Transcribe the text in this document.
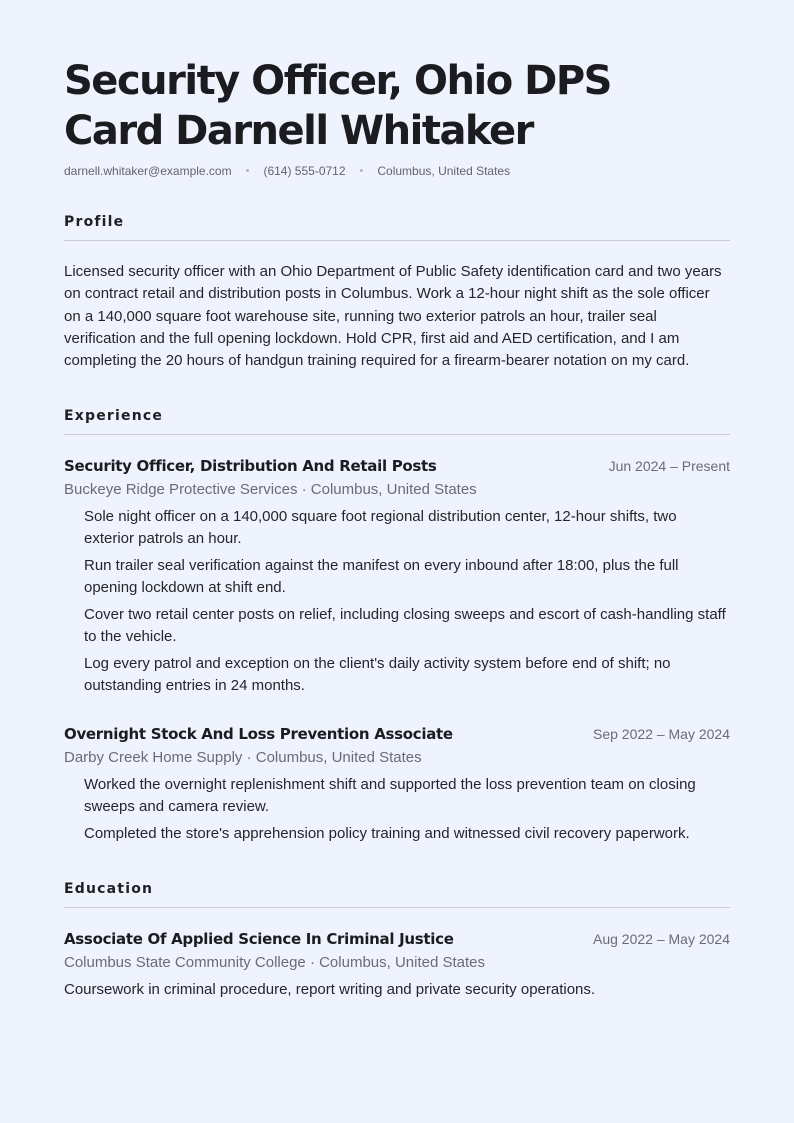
Security Officer, Ohio DPS Card Darnell Whitaker
darnell.whitaker@example.com • (614) 555-0712 • Columbus, United States
Profile
Licensed security officer with an Ohio Department of Public Safety identification card and two years on contract retail and distribution posts in Columbus. Work a 12-hour night shift as the sole officer on a 140,000 square foot warehouse site, running two exterior patrols an hour, trailer seal verification and the full opening lockdown. Hold CPR, first aid and AED certification, and I am completing the 20 hours of handgun training required for a firearm-bearer notation on my card.
Experience
Security Officer, Distribution And Retail Posts	Jun 2024 – Present
Buckeye Ridge Protective Services · Columbus, United States
Sole night officer on a 140,000 square foot regional distribution center, 12-hour shifts, two exterior patrols an hour.
Run trailer seal verification against the manifest on every inbound after 18:00, plus the full opening lockdown at shift end.
Cover two retail center posts on relief, including closing sweeps and escort of cash-handling staff to the vehicle.
Log every patrol and exception on the client's daily activity system before end of shift; no outstanding entries in 24 months.
Overnight Stock And Loss Prevention Associate	Sep 2022 – May 2024
Darby Creek Home Supply · Columbus, United States
Worked the overnight replenishment shift and supported the loss prevention team on closing sweeps and camera review.
Completed the store's apprehension policy training and witnessed civil recovery paperwork.
Education
Associate Of Applied Science In Criminal Justice	Aug 2022 – May 2024
Columbus State Community College · Columbus, United States
Coursework in criminal procedure, report writing and private security operations.
